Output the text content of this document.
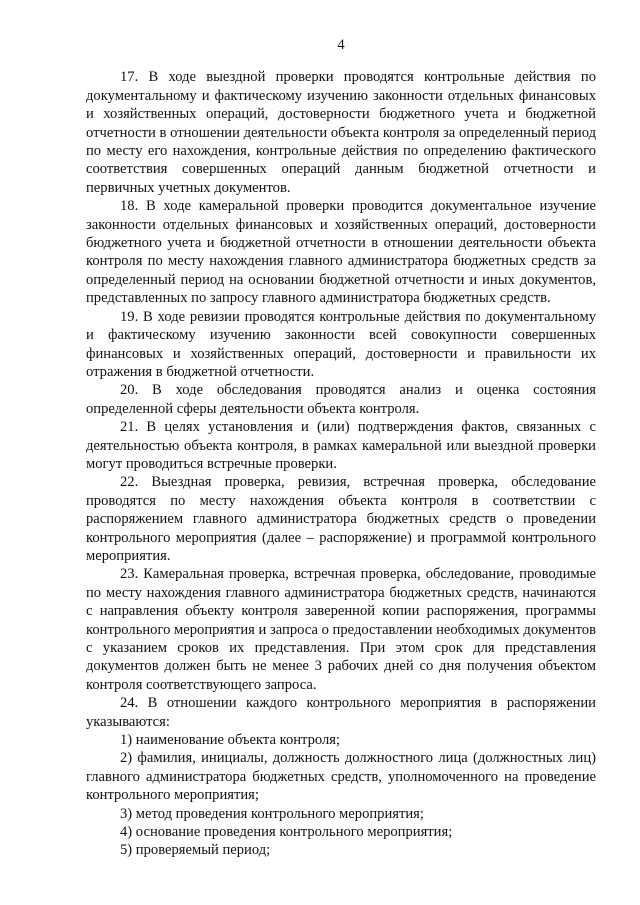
4

17. В ходе выездной проверки проводятся контрольные действия по документальному и фактическому изучению законности отдельных финансовых и хозяйственных операций, достоверности бюджетного учета и бюджетной отчетности в отношении деятельности объекта контроля за определенный период по месту его нахождения, контрольные действия по определению фактического соответствия совершенных операций данным бюджетной отчетности и первичных учетных документов.

18. В ходе камеральной проверки проводится документальное изучение законности отдельных финансовых и хозяйственных операций, достоверности бюджетного учета и бюджетной отчетности в отношении деятельности объекта контроля по месту нахождения главного администратора бюджетных средств за определенный период на основании бюджетной отчетности и иных документов, представленных по запросу главного администратора бюджетных средств.

19. В ходе ревизии проводятся контрольные действия по документальному и фактическому изучению законности всей совокупности совершенных финансовых и хозяйственных операций, достоверности и правильности их отражения в бюджетной отчетности.

20. В ходе обследования проводятся анализ и оценка состояния определенной сферы деятельности объекта контроля.

21. В целях установления и (или) подтверждения фактов, связанных с деятельностью объекта контроля, в рамках камеральной или выездной проверки могут проводиться встречные проверки.

22. Выездная проверка, ревизия, встречная проверка, обследование проводятся по месту нахождения объекта контроля в соответствии с распоряжением главного администратора бюджетных средств о проведении контрольного мероприятия (далее – распоряжение) и программой контрольного мероприятия.

23. Камеральная проверка, встречная проверка, обследование, проводимые по месту нахождения главного администратора бюджетных средств, начинаются с направления объекту контроля заверенной копии распоряжения, программы контрольного мероприятия и запроса о предоставлении необходимых документов с указанием сроков их представления. При этом срок для представления документов должен быть не менее 3 рабочих дней со дня получения объектом контроля соответствующего запроса.

24. В отношении каждого контрольного мероприятия в распоряжении указываются:

1) наименование объекта контроля;

2) фамилия, инициалы, должность должностного лица (должностных лиц) главного администратора бюджетных средств, уполномоченного на проведение контрольного мероприятия;

3) метод проведения контрольного мероприятия;

4) основание проведения контрольного мероприятия;

5) проверяемый период;
